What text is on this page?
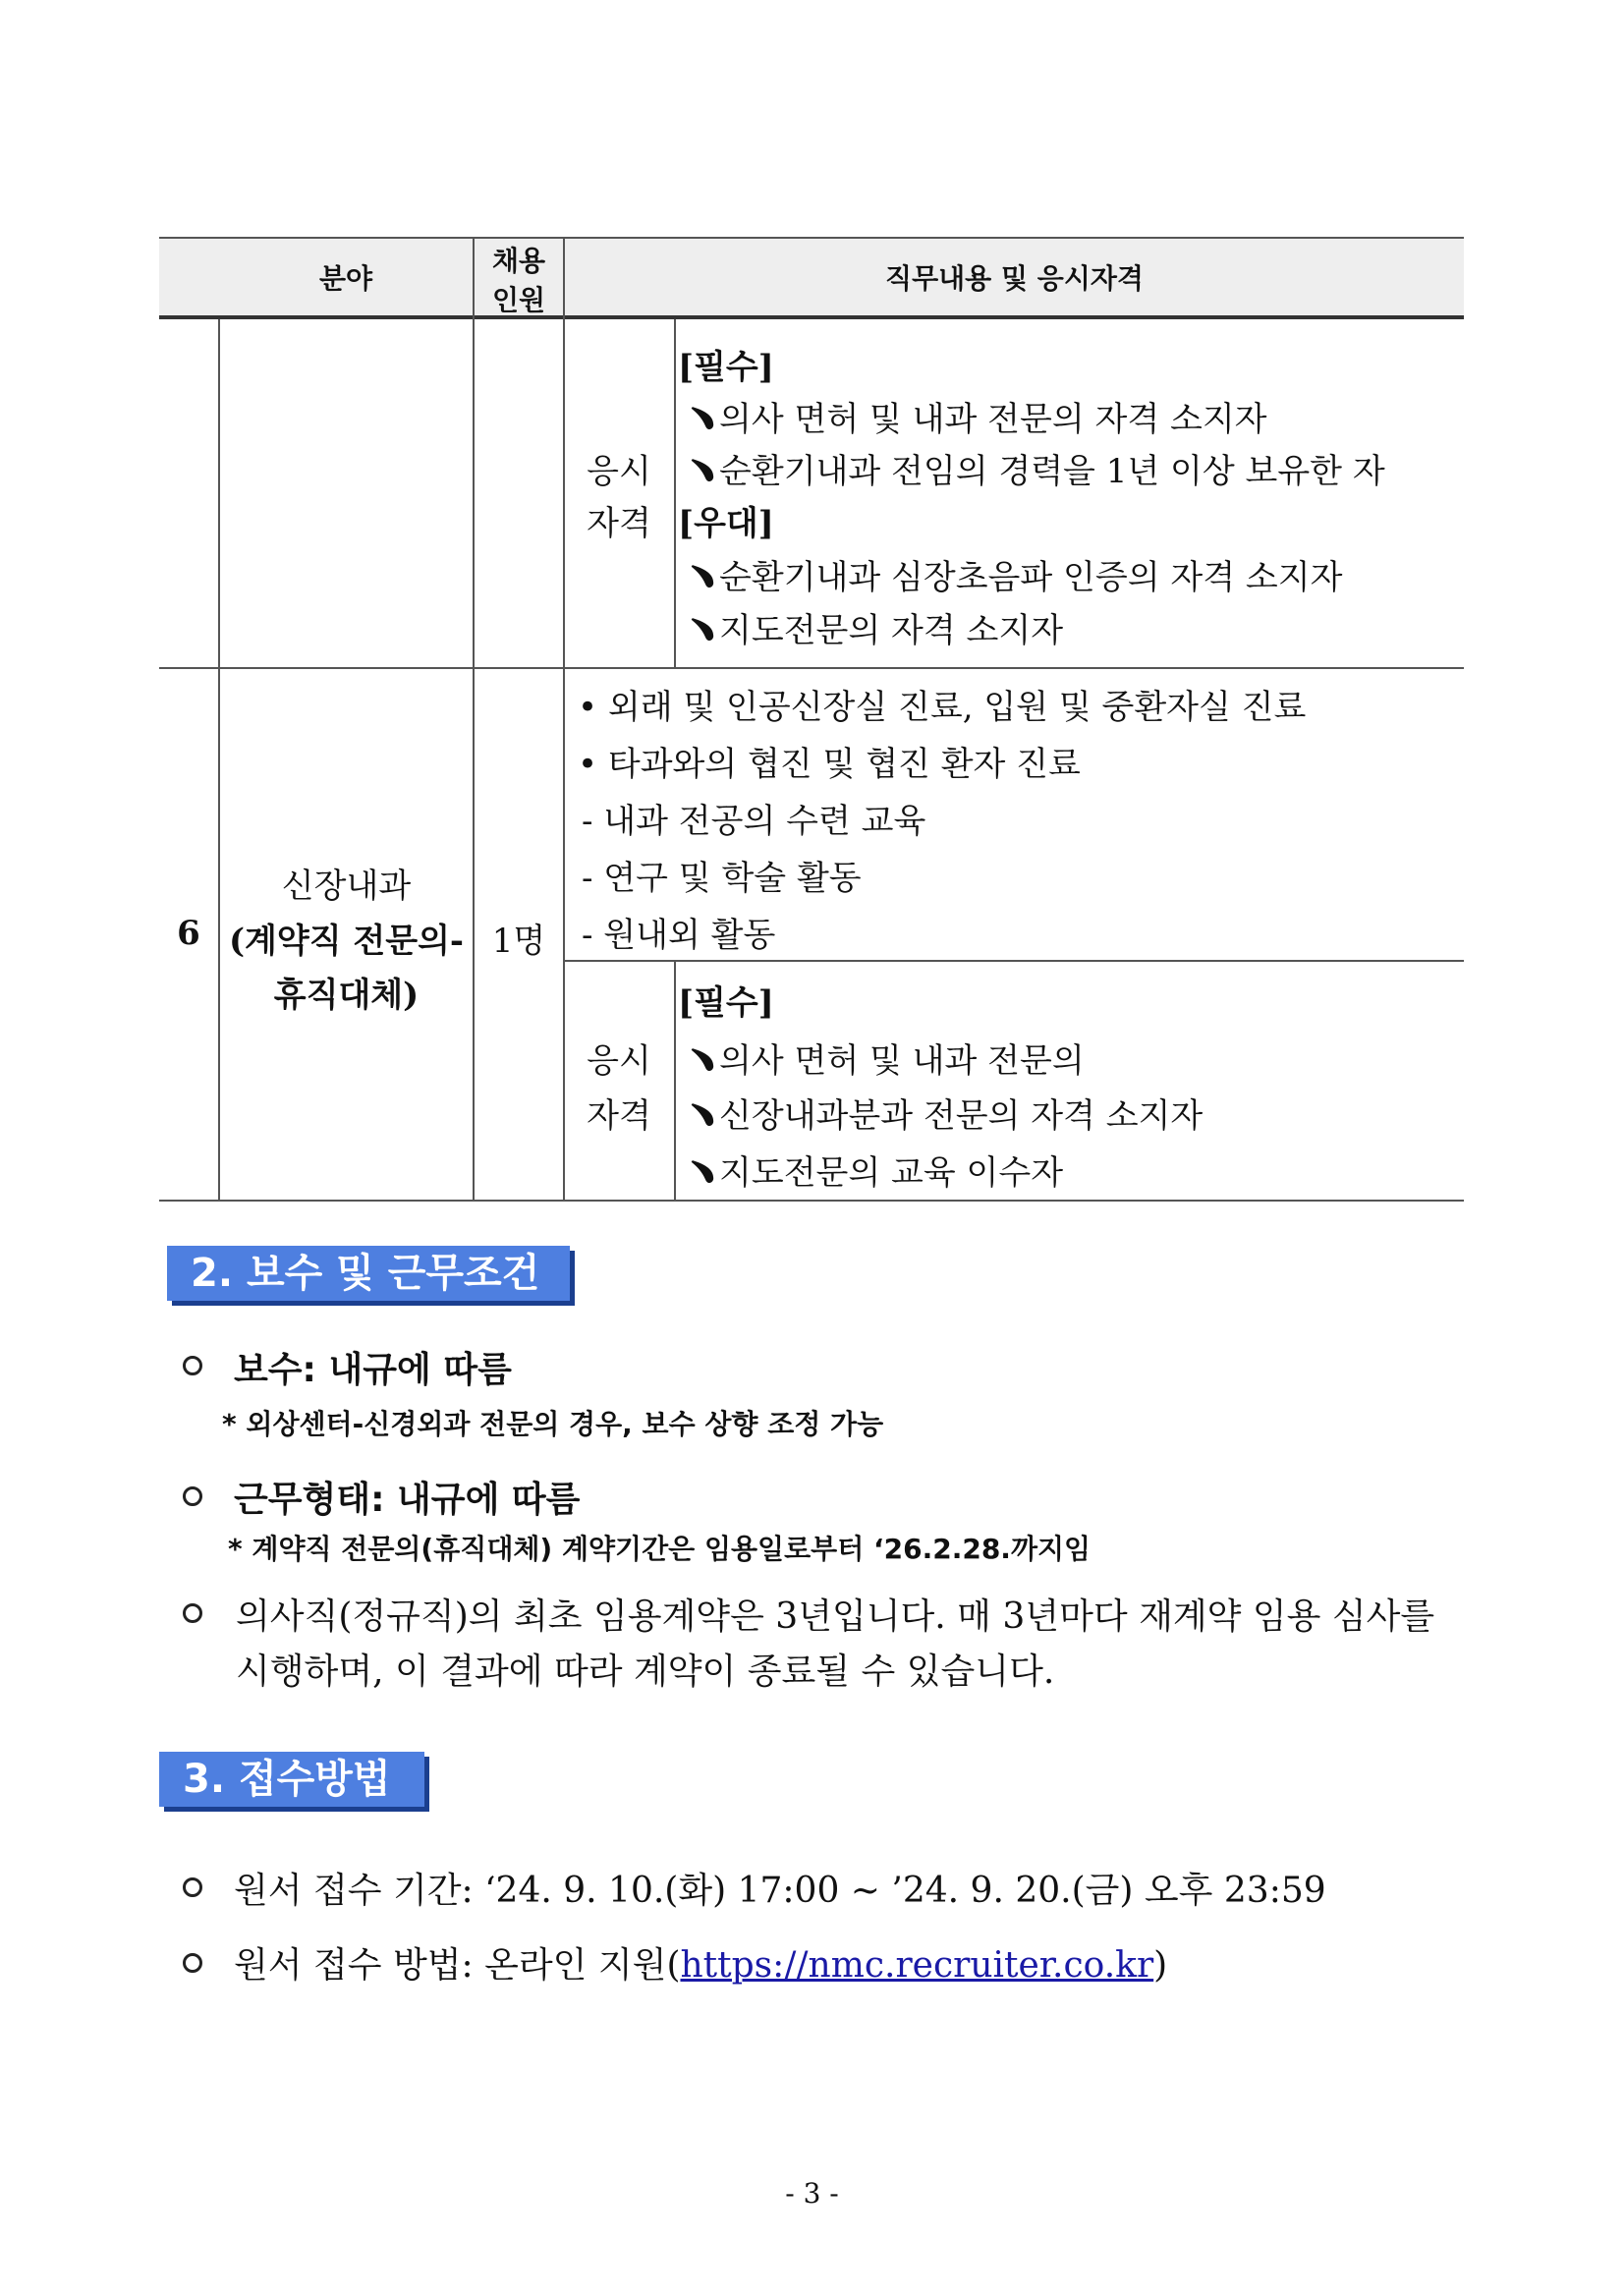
분야
채용
인원
직무내용 및 응시자격
응시
자격
[필수]
﹅의사 면허 및 내과 전문의 자격 소지자
﹅순환기내과 전임의 경력을 1년 이상 보유한 자
[우대]
﹅순환기내과 심장초음파 인증의 자격 소지자
﹅지도전문의 자격 소지자
6
신장내과
(계약직 전문의-
휴직대체)
1명
• 외래 및 인공신장실 진료, 입원 및 중환자실 진료
• 타과와의 협진 및 협진 환자 진료
- 내과 전공의 수련 교육
- 연구 및 학술 활동
- 원내외 활동
응시
자격
[필수]
﹅의사 면허 및 내과 전문의
﹅신장내과분과 전문의 자격 소지자
﹅지도전문의 교육 이수자
2. 보수 및 근무조건
보수: 내규에 따름
* 외상센터-신경외과 전문의 경우, 보수 상향 조정 가능
근무형태: 내규에 따름
* 계약직 전문의(휴직대체) 계약기간은 임용일로부터 ‘26.2.28.까지임
의사직(정규직)의 최초 임용계약은 3년입니다. 매 3년마다 재계약 임용 심사를
시행하며, 이 결과에 따라 계약이 종료될 수 있습니다.
3. 접수방법
원서 접수 기간: ‘24. 9. 10.(화) 17:00 ~ ’24. 9. 20.(금) 오후 23:59
원서 접수 방법: 온라인 지원(https://nmc.recruiter.co.kr)
- 3 -
